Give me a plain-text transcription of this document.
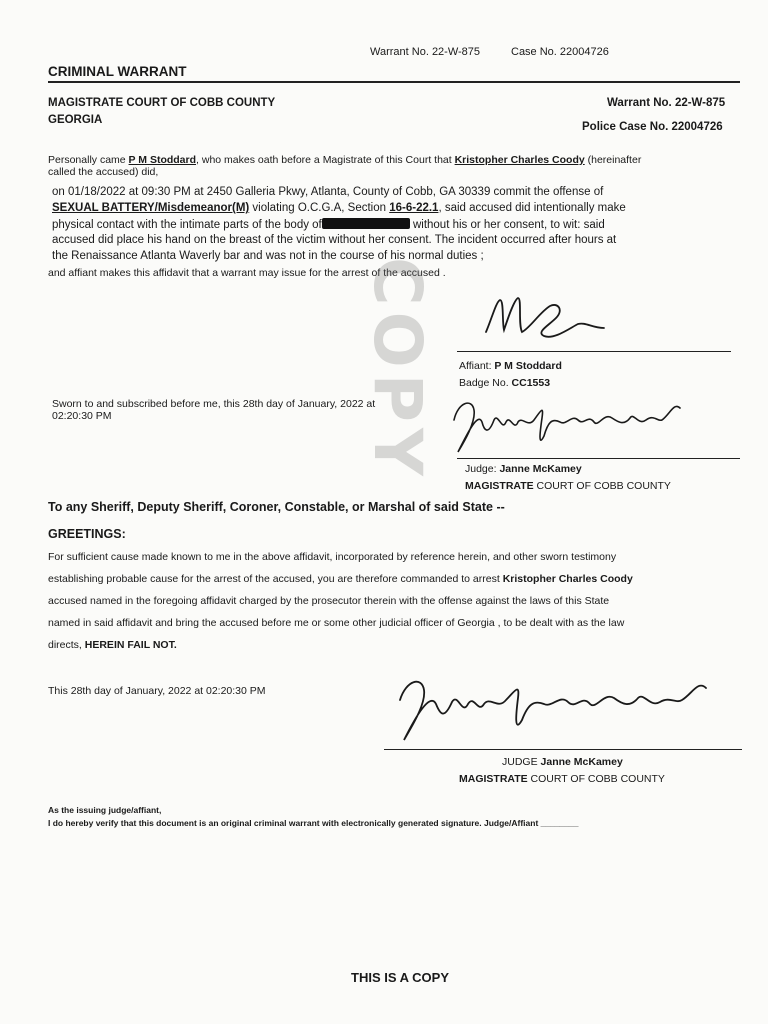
Warrant No. 22-W-875	Case No. 22004726
CRIMINAL WARRANT
MAGISTRATE COURT OF COBB COUNTY
GEORGIA
Warrant No. 22-W-875
Police Case No. 22004726
Personally came P M Stoddard, who makes oath before a Magistrate of this Court that Kristopher Charles Coody (hereinafter
called the accused) did,
on 01/18/2022 at 09:30 PM at 2450 Galleria Pkwy, Atlanta, County of Cobb, GA 30339 commit the offense of
SEXUAL BATTERY/Misdemeanor(M) violating O.C.G.A, Section 16-6-22.1, said accused did intentionally make
physical contact with the intimate parts of the body of	without his or her consent, to wit: said
accused did place his hand on the breast of the victim without her consent. The incident occurred after hours at
the Renaissance Atlanta Waverly bar and was not in the course of his normal duties ;
and affiant makes this affidavit that a warrant may issue for the arrest of the accused .
COPY Affiant: P M Stoddard
Badge No. CC1553
Sworn to and subscribed before me, this 28th day of January, 2022 at
02:20:30 PM
Judge: Janne McKamey
MAGISTRATE COURT OF COBB COUNTY
To any Sheriff, Deputy Sheriff, Coroner, Constable, or Marshal of said State --
GREETINGS:
For sufficient cause made known to me in the above affidavit, incorporated by reference herein, and other sworn testimony
establishing probable cause for the arrest of the accused, you are therefore commanded to arrest Kristopher Charles Coody
accused named in the foregoing affidavit charged by the prosecutor therein with the offense against the laws of this State
named in said affidavit and bring the accused before me or some other judicial officer of Georgia , to be dealt with as the law
directs, HEREIN FAIL NOT.
This 28th day of January, 2022 at 02:20:30 PM
JUDGE Janne McKamey
MAGISTRATE COURT OF COBB COUNTY
As the issuing judge/affiant,
I do hereby verify that this document is an original criminal warrant with electronically generated signature. Judge/Affiant ________
THIS IS A COPY
